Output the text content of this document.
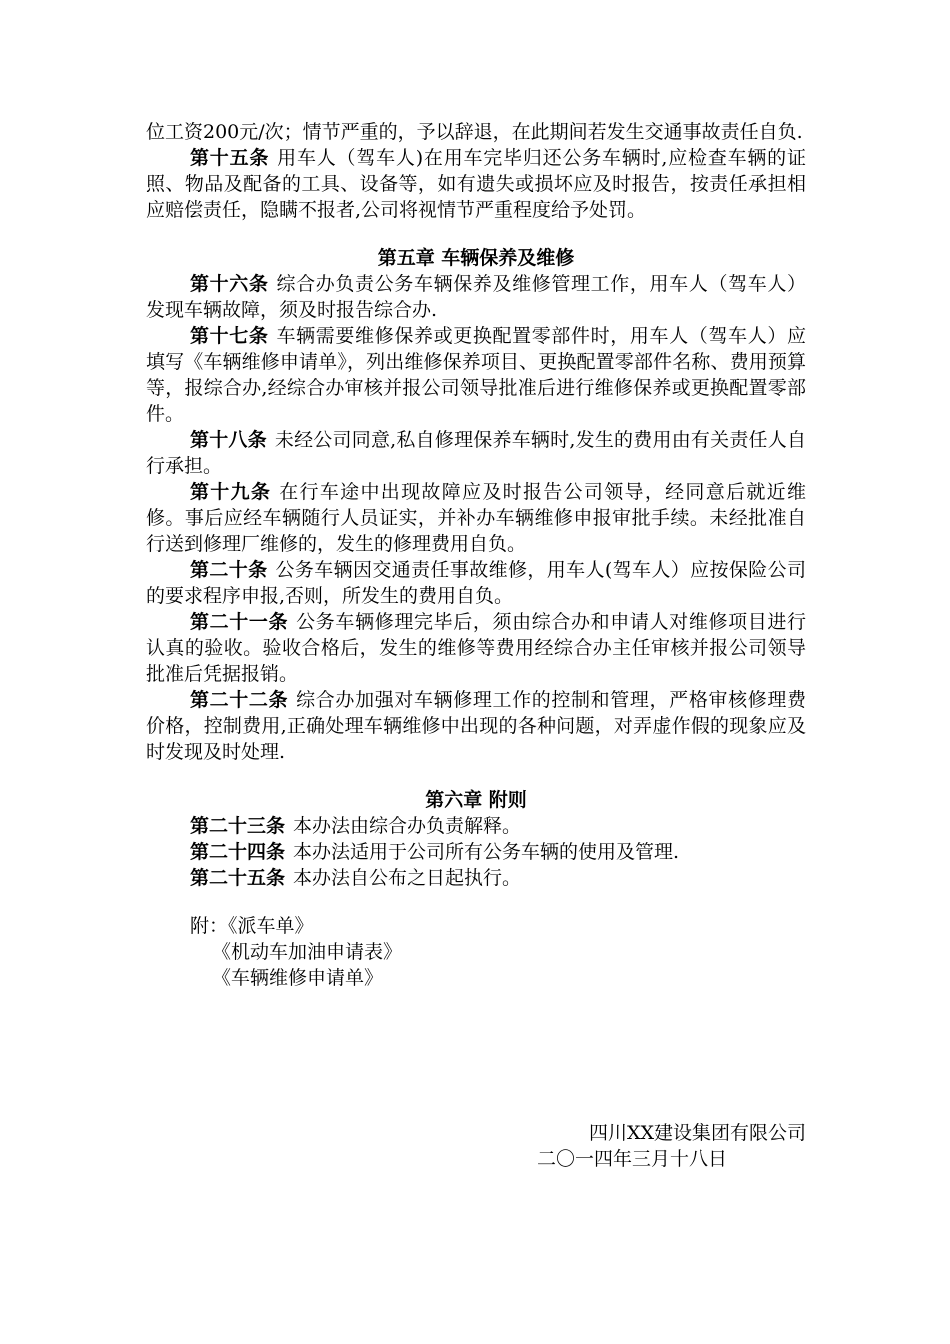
位工资200元/次；情节严重的，予以辞退，在此期间若发生交通事故责任自负.

第十五条 用车人（驾车人)在用车完毕归还公务车辆时,应检查车辆的证照、物品及配备的工具、设备等，如有遗失或损坏应及时报告，按责任承担相应赔偿责任，隐瞒不报者,公司将视情节严重程度给予处罚。

第五章 车辆保养及维修

第十六条 综合办负责公务车辆保养及维修管理工作，用车人（驾车人）发现车辆故障，须及时报告综合办.

第十七条 车辆需要维修保养或更换配置零部件时，用车人（驾车人）应填写《车辆维修申请单》，列出维修保养项目、更换配置零部件名称、费用预算等，报综合办,经综合办审核并报公司领导批准后进行维修保养或更换配置零部件。

第十八条 未经公司同意,私自修理保养车辆时,发生的费用由有关责任人自行承担。

第十九条 在行车途中出现故障应及时报告公司领导，经同意后就近维修。事后应经车辆随行人员证实，并补办车辆维修申报审批手续。未经批准自行送到修理厂维修的，发生的修理费用自负。

第二十条 公务车辆因交通责任事故维修，用车人(驾车人）应按保险公司的要求程序申报,否则，所发生的费用自负。

第二十一条 公务车辆修理完毕后，须由综合办和申请人对维修项目进行认真的验收。验收合格后，发生的维修等费用经综合办主任审核并报公司领导批准后凭据报销。

第二十二条 综合办加强对车辆修理工作的控制和管理，严格审核修理费价格，控制费用,正确处理车辆维修中出现的各种问题，对弄虚作假的现象应及时发现及时处理.

第六章 附则

第二十三条 本办法由综合办负责解释。

第二十四条 本办法适用于公司所有公务车辆的使用及管理.

第二十五条 本办法自公布之日起执行。

附：《派车单》

《机动车加油申请表》

《车辆维修申请单》

四川XX建设集团有限公司
二〇一四年三月十八日
